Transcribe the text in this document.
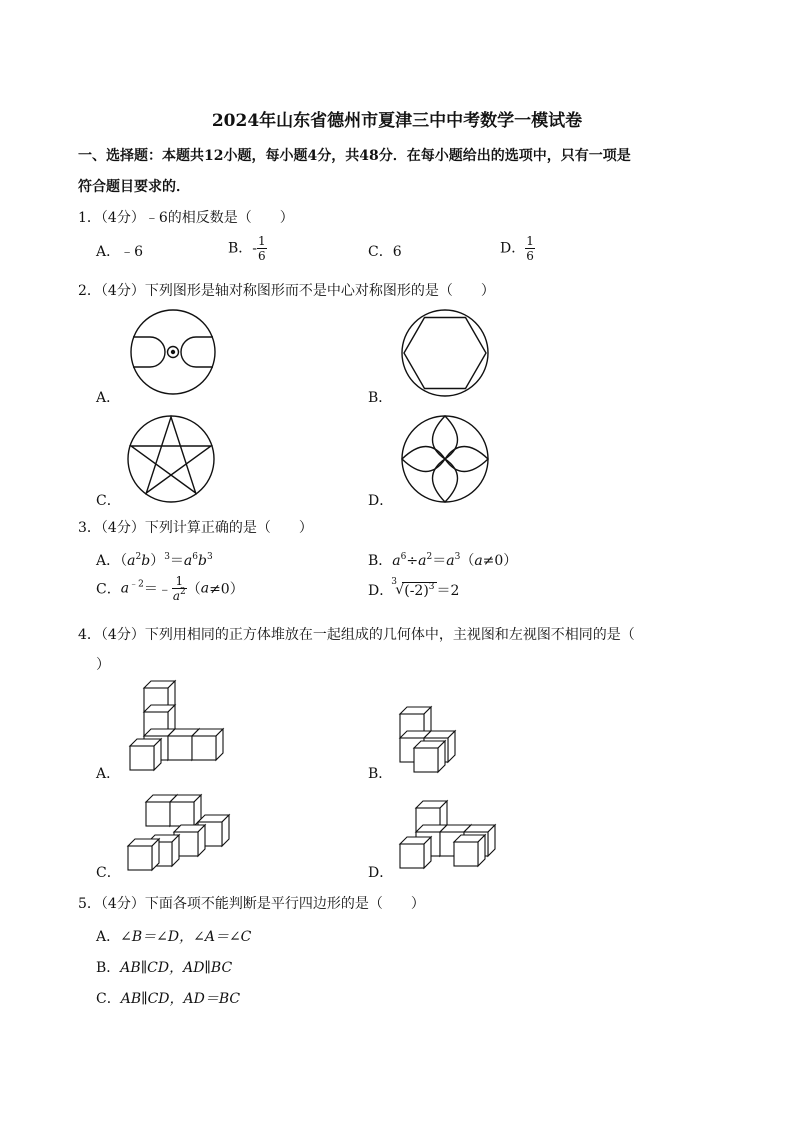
2024年山东省德州市夏津三中中考数学一模试卷
一、选择题：本题共12小题，每小题4分，共48分．在每小题给出的选项中，只有一项是
符合题目要求的．
1．（4分）﹣6的相反数是（　　）
A．﹣6	B．- $\frac{1}{6}$	C．6	D． $\frac{1}{6}$
2．（4分）下列图形是轴对称图形而不是中心对称图形的是（　　）
A．	B．
C．	D．
3．（4分）下列计算正确的是（　　）
A．$(a^2b)^3=a^6b^3$	B．$a^6\div a^2=a^3(a\ne 0)$
C．$a^{﹣2}=﹣ \frac{1}{a^2} (a\ne 0)$	D．
3
√ $(-2)^3 =2$
4．（4分）下列用相同的正方体堆放在一起组成的几何体中，主视图和左视图不相同的是（
）
A．	B．
C．	D．
5．（4分）下面各项不能判断是平行四边形的是（　　）
A．∠B＝∠D，∠A＝∠C
B．AB∥CD，AD∥BC
C．AB∥CD，AD＝BC
